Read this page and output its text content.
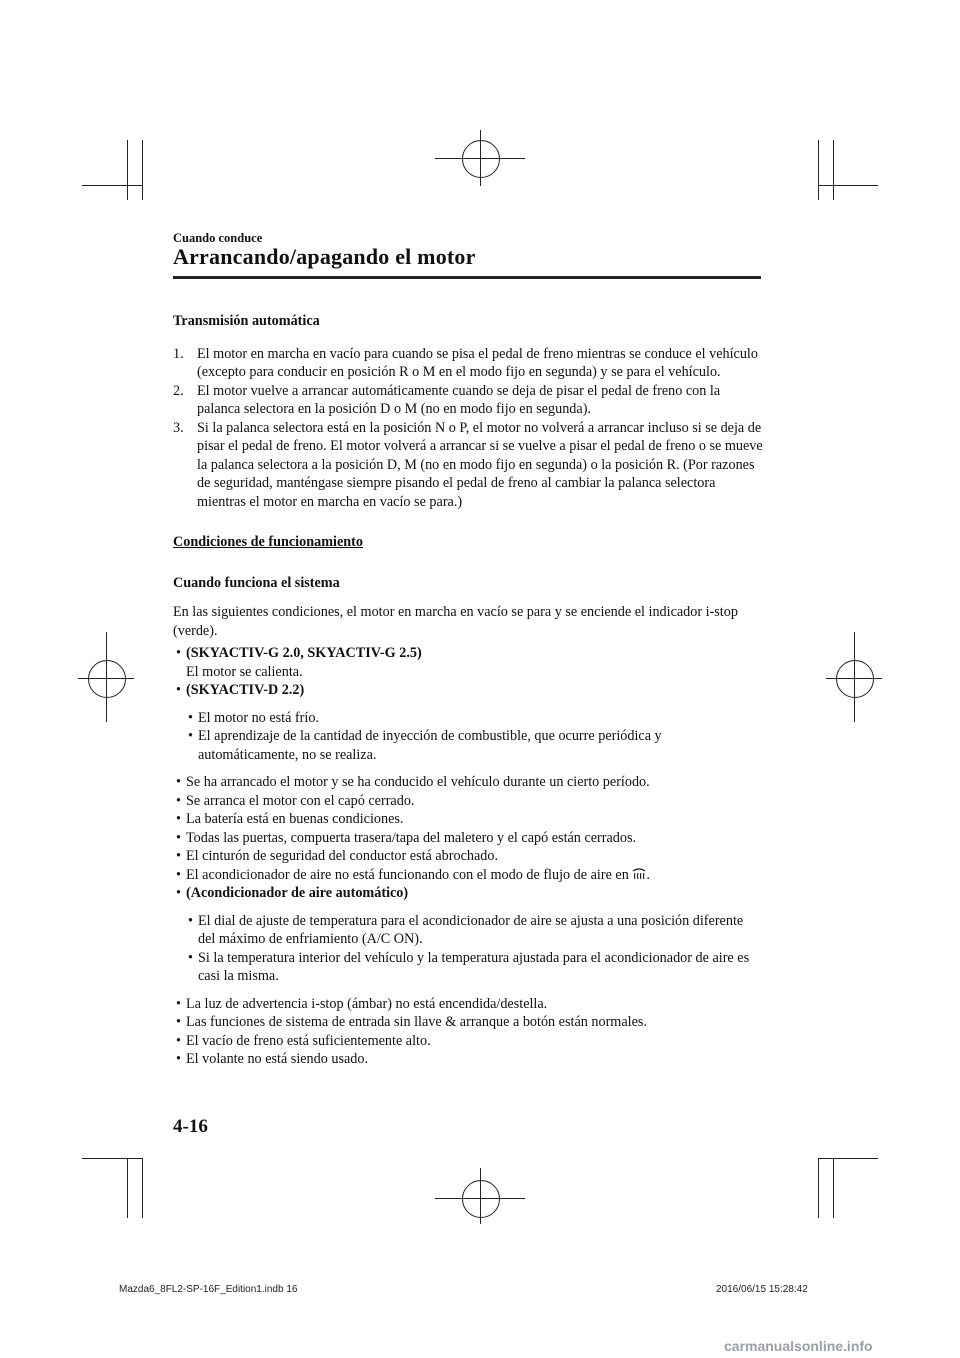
Cuando conduce
Arrancando/apagando el motor
Transmisión automática
1. El motor en marcha en vacío para cuando se pisa el pedal de freno mientras se conduce el vehículo (excepto para conducir en posición R o M en el modo fijo en segunda) y se para el vehículo.
2. El motor vuelve a arrancar automáticamente cuando se deja de pisar el pedal de freno con la palanca selectora en la posición D o M (no en modo fijo en segunda).
3. Si la palanca selectora está en la posición N o P, el motor no volverá a arrancar incluso si se deja de pisar el pedal de freno. El motor volverá a arrancar si se vuelve a pisar el pedal de freno o se mueve la palanca selectora a la posición D, M (no en modo fijo en segunda) o la posición R. (Por razones de seguridad, manténgase siempre pisando el pedal de freno al cambiar la palanca selectora mientras el motor en marcha en vacío se para.)
Condiciones de funcionamiento
Cuando funciona el sistema
En las siguientes condiciones, el motor en marcha en vacío se para y se enciende el indicador i-stop (verde).
• (SKYACTIV-G 2.0, SKYACTIV-G 2.5)
El motor se calienta.
• (SKYACTIV-D 2.2)
• El motor no está frío.
• El aprendizaje de la cantidad de inyección de combustible, que ocurre periódica y automáticamente, no se realiza.
• Se ha arrancado el motor y se ha conducido el vehículo durante un cierto período.
• Se arranca el motor con el capó cerrado.
• La batería está en buenas condiciones.
• Todas las puertas, compuerta trasera/tapa del maletero y el capó están cerrados.
• El cinturón de seguridad del conductor está abrochado.
• El acondicionador de aire no está funcionando con el modo de flujo de aire en .
• (Acondicionador de aire automático)
• El dial de ajuste de temperatura para el acondicionador de aire se ajusta a una posición diferente del máximo de enfriamiento (A/C ON).
• Si la temperatura interior del vehículo y la temperatura ajustada para el acondicionador de aire es casi la misma.
• La luz de advertencia i-stop (ámbar) no está encendida/destella.
• Las funciones de sistema de entrada sin llave & arranque a botón están normales.
• El vacío de freno está suficientemente alto.
• El volante no está siendo usado.
4-16
Mazda6_8FL2-SP-16F_Edition1.indb 16	2016/06/15 15:28:42
carmanualsonline.info
